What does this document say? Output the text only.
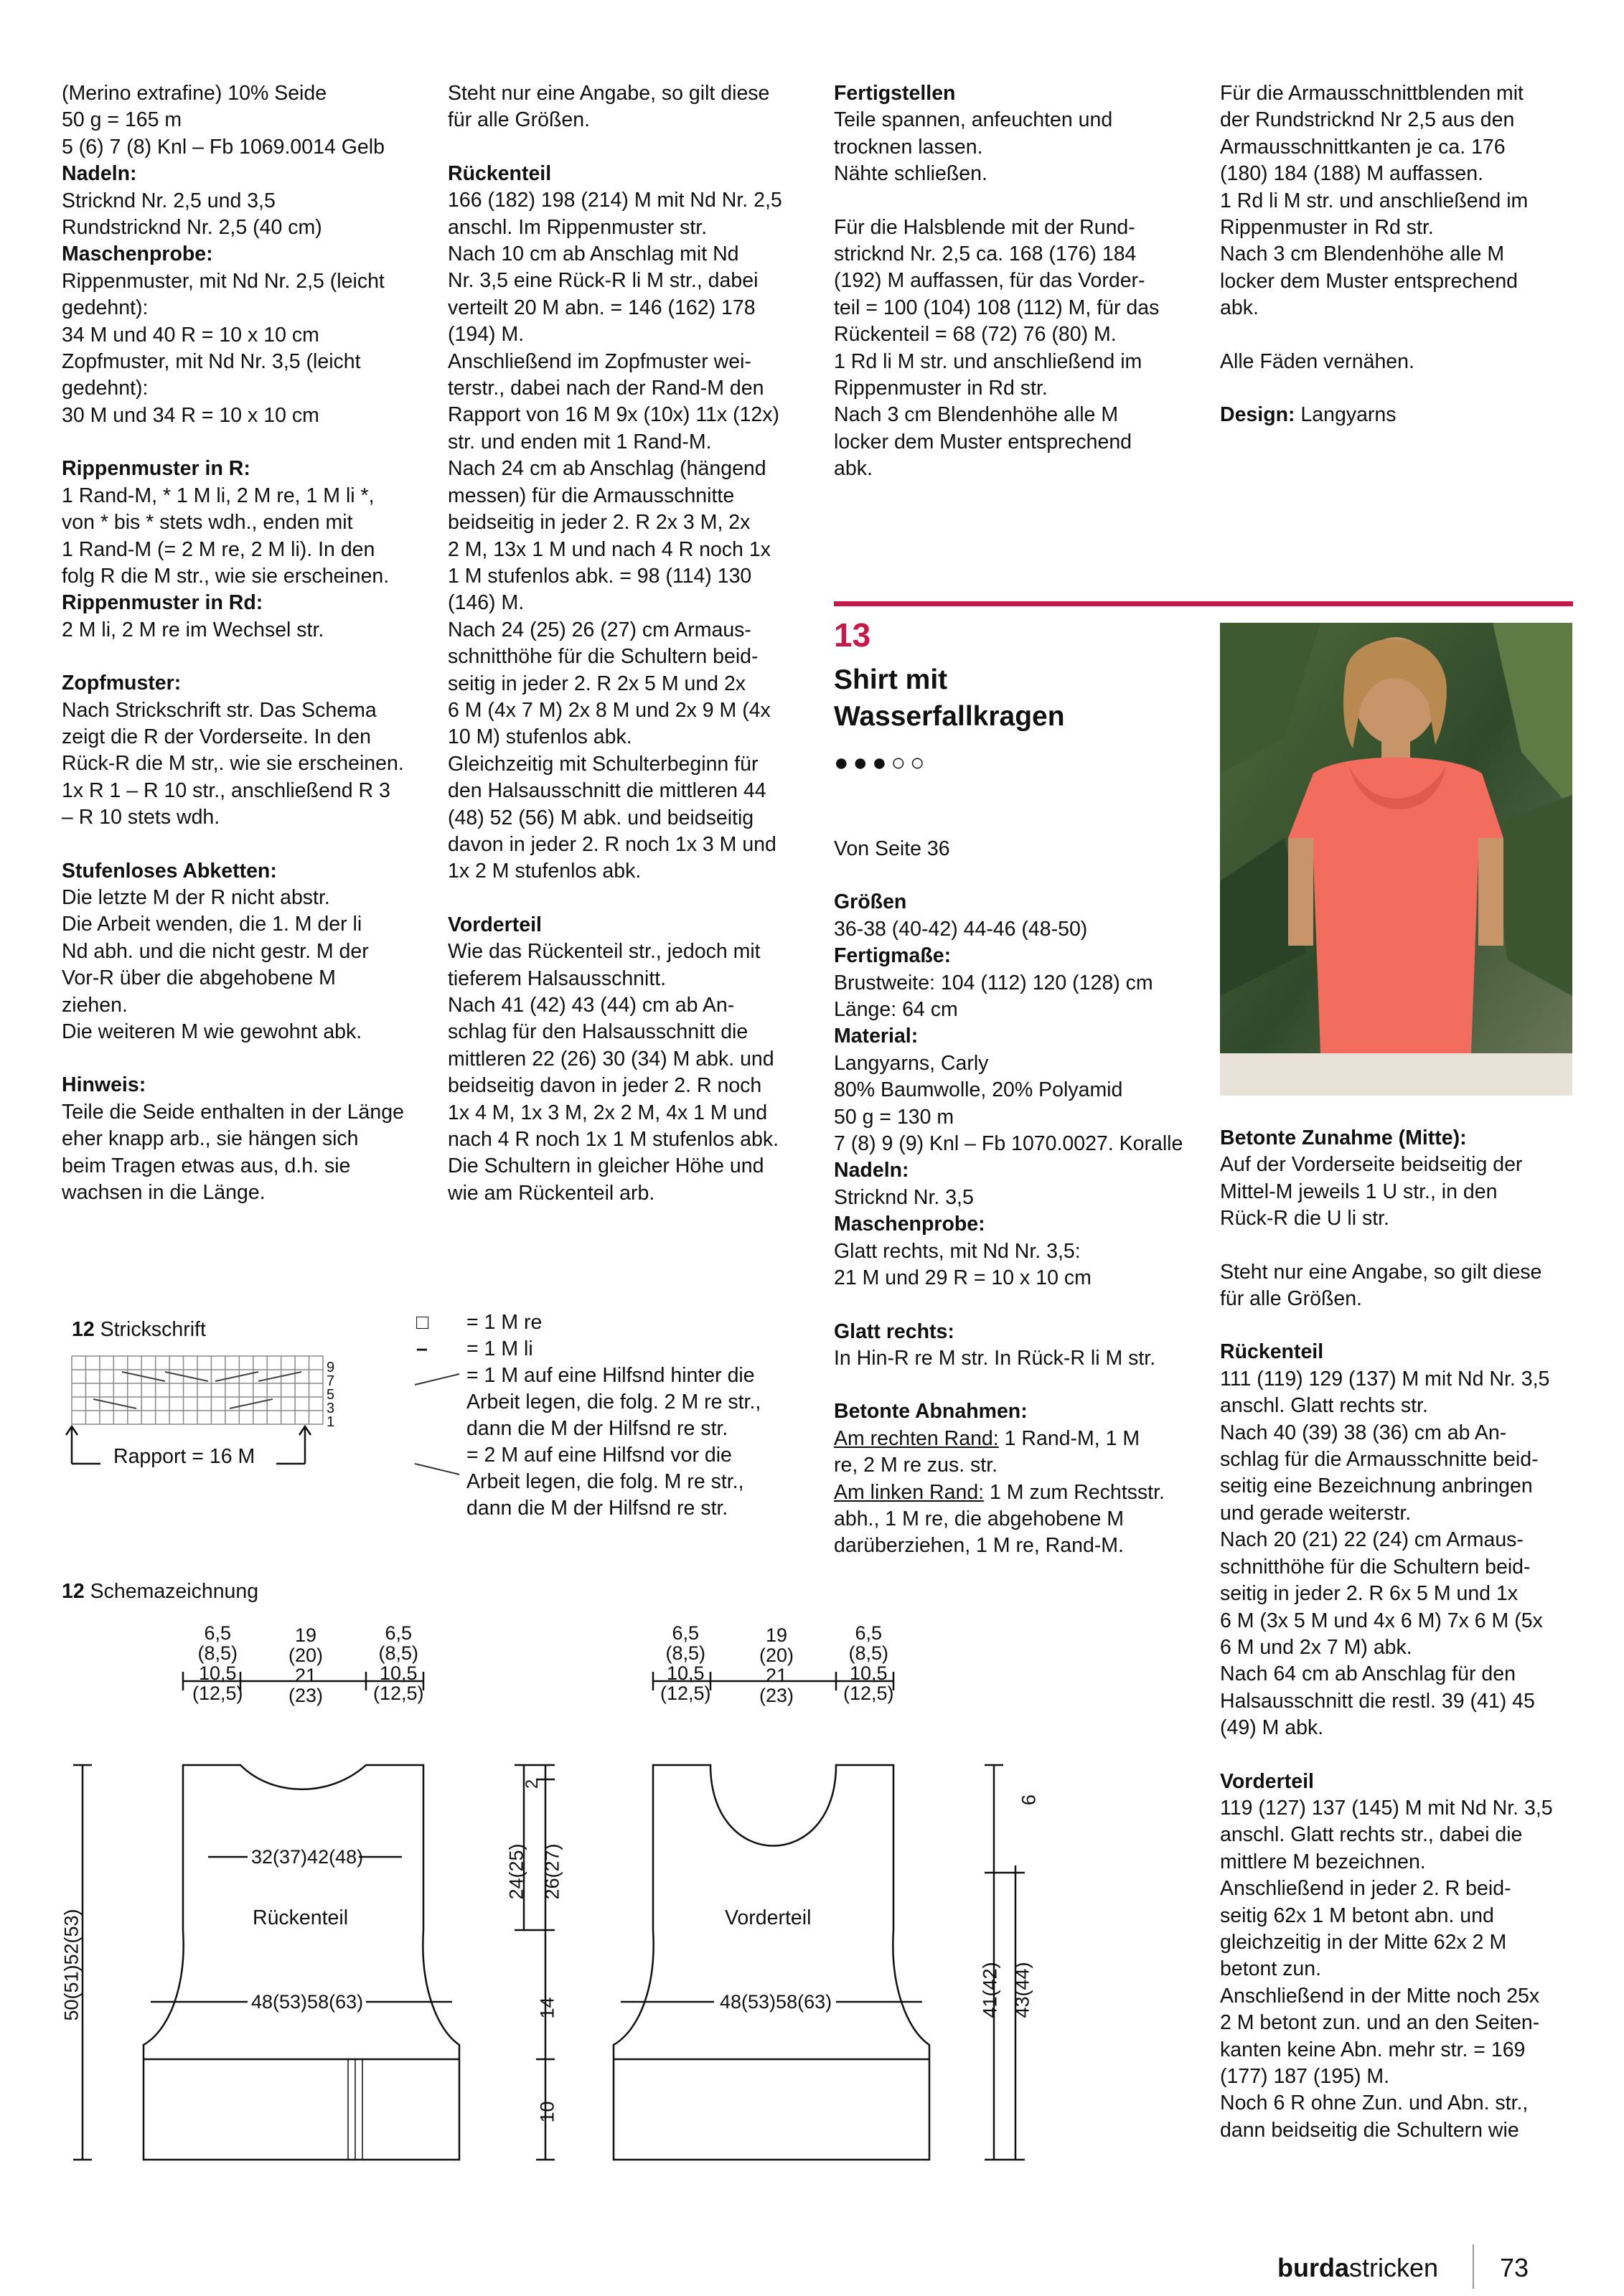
(Merino extrafine) 10% Seide
50 g = 165 m
5 (6) 7 (8) Knl – Fb 1069.0014 Gelb

Nadeln:

Stricknd Nr. 2,5 und 3,5
Rundstricknd Nr. 2,5 (40 cm)

Maschenprobe:

Rippenmuster, mit Nd Nr. 2,5 (leicht
gedehnt):
34 M und 40 R = 10 x 10 cm
Zopfmuster, mit Nd Nr. 3,5 (leicht
gedehnt):
30 M und 34 R = 10 x 10 cm

Rippenmuster in R:

1 Rand-M, * 1 M li, 2 M re, 1 M li *,
von * bis * stets wdh., enden mit
1 Rand-M (= 2 M re, 2 M li). In den
folg R die M str., wie sie erscheinen.

Rippenmuster in Rd:

2 M li, 2 M re im Wechsel str.

Zopfmuster:

Nach Strickschrift str. Das Schema
zeigt die R der Vorderseite. In den
Rück-R die M str,. wie sie erscheinen.
1x R 1 – R 10 str., anschließend R 3
– R 10 stets wdh.

Stufenloses Abketten:

Die letzte M der R nicht abstr.
Die Arbeit wenden, die 1. M der li
Nd abh. und die nicht gestr. M der
Vor-R über die abgehobene M
ziehen.
Die weiteren M wie gewohnt abk.

Hinweis:

Teile die Seide enthalten in der Länge
eher knapp arb., sie hängen sich
beim Tragen etwas aus, d.h. sie
wachsen in die Länge.

Steht nur eine Angabe, so gilt diese
für alle Größen.

Rückenteil

166 (182) 198 (214) M mit Nd Nr. 2,5
anschl. Im Rippenmuster str.
Nach 10 cm ab Anschlag mit Nd
Nr. 3,5 eine Rück-R li M str., dabei
verteilt 20 M abn. = 146 (162) 178
(194) M.
Anschließend im Zopfmuster wei-
terstr., dabei nach der Rand-M den
Rapport von 16 M 9x (10x) 11x (12x)
str. und enden mit 1 Rand-M.
Nach 24 cm ab Anschlag (hängend
messen) für die Armausschnitte
beidseitig in jeder 2. R 2x 3 M, 2x
2 M, 13x 1 M und nach 4 R noch 1x
1 M stufenlos abk. = 98 (114) 130
(146) M.
Nach 24 (25) 26 (27) cm Armaus-
schnitthöhe für die Schultern beid-
seitig in jeder 2. R 2x 5 M und 2x
6 M (4x 7 M) 2x 8 M und 2x 9 M (4x
10 M) stufenlos abk.
Gleichzeitig mit Schulterbeginn für
den Halsausschnitt die mittleren 44
(48) 52 (56) M abk. und beidseitig
davon in jeder 2. R noch 1x 3 M und
1x 2 M stufenlos abk.

Vorderteil

Wie das Rückenteil str., jedoch mit
tieferem Halsausschnitt.
Nach 41 (42) 43 (44) cm ab An-
schlag für den Halsausschnitt die
mittleren 22 (26) 30 (34) M abk. und
beidseitig davon in jeder 2. R noch
1x 4 M, 1x 3 M, 2x 2 M, 4x 1 M und
nach 4 R noch 1x 1 M stufenlos abk.
Die Schultern in gleicher Höhe und
wie am Rückenteil arb.

Fertigstellen

Teile spannen, anfeuchten und
trocknen lassen.
Nähte schließen.

Für die Halsblende mit der Rund-
stricknd Nr. 2,5 ca. 168 (176) 184
(192) M auffassen, für das Vorder-
teil = 100 (104) 108 (112) M, für das
Rückenteil = 68 (72) 76 (80) M.
1 Rd li M str. und anschließend im
Rippenmuster in Rd str.
Nach 3 cm Blendenhöhe alle M
locker dem Muster entsprechend
abk.

Für die Armausschnittblenden mit
der Rundstricknd Nr 2,5 aus den
Armausschnittkanten je ca. 176
(180) 184 (188) M auffassen.
1 Rd li M str. und anschließend im
Rippenmuster in Rd str.
Nach 3 cm Blendenhöhe alle M
locker dem Muster entsprechend
abk.

Alle Fäden vernähen.

Design: Langyarns

13
Shirt mit
Wasserfallkragen
●●●○○

Von Seite 36

Größen

36-38 (40-42) 44-46 (48-50)

Fertigmaße:

Brustweite: 104 (112) 120 (128) cm
Länge: 64 cm

Material:

Langyarns, Carly
80% Baumwolle, 20% Polyamid
50 g = 130 m
7 (8) 9 (9) Knl – Fb 1070.0027. Koralle

Nadeln:

Stricknd Nr. 3,5

Maschenprobe:

Glatt rechts, mit Nd Nr. 3,5:
21 M und 29 R = 10 x 10 cm

Glatt rechts:

In Hin-R re M str. In Rück-R li M str.

Betonte Abnahmen:

Am rechten Rand: 1 Rand-M, 1 M
re, 2 M re zus. str.

Am linken Rand: 1 M zum Rechtsstr.
abh., 1 M re, die abgehobene M
darüberziehen, 1 M re, Rand-M.

Betonte Zunahme (Mitte):

Auf der Vorderseite beidseitig der
Mittel-M jeweils 1 U str., in den
Rück-R die U li str.

Steht nur eine Angabe, so gilt diese
für alle Größen.

Rückenteil

111 (119) 129 (137) M mit Nd Nr. 3,5
anschl. Glatt rechts str.
Nach 40 (39) 38 (36) cm ab An-
schlag für die Armausschnitte beid-
seitig eine Bezeichnung anbringen
und gerade weiterstr.
Nach 20 (21) 22 (24) cm Armaus-
schnitthöhe für die Schultern beid-
seitig in jeder 2. R 6x 5 M und 1x
6 M (3x 5 M und 4x 6 M) 7x 6 M (5x
6 M und 2x 7 M) abk.
Nach 64 cm ab Anschlag für den
Halsausschnitt die restl. 39 (41) 45
(49) M abk.

Vorderteil

119 (127) 137 (145) M mit Nd Nr. 3,5
anschl. Glatt rechts str., dabei die
mittlere M bezeichnen.
Anschließend in jeder 2. R beid-
seitig 62x 1 M betont abn. und
gleichzeitig in der Mitte 62x 2 M
betont zun.
Anschließend in der Mitte noch 25x
2 M betont zun. und an den Seiten-
kanten keine Abn. mehr str. = 169
(177) 187 (195) M.
Noch 6 R ohne Zun. und Abn. str.,
dann beidseitig die Schultern wie

12 Strickschrift

9
7
5
3
1

Rapport = 16 M
□ = 1 M re
– = 1 M li
= 1 M auf eine Hilfsnd hinter die
Arbeit legen, die folg. 2 M re str.,
dann die M der Hilfsnd re str.
= 2 M auf eine Hilfsnd vor die
Arbeit legen, die folg. M re str.,
dann die M der Hilfsnd re str.
12 Schemazeichnung
6,5
(8,5)
10,5
(12,5)
19
(20)
21
(23)
6,5
(8,5)
10,5
(12,5)
6,5
(8,5)
10,5
(12,5)
19
(20)
21
(23)
6,5
(8,5)
10,5
(12,5)
32(37)42(48)
Rückenteil	Vorderteil
48(53)58(63)	48(53)58(63)
50(51)52(53)
2
24(25) 26(27)
14
10
9
41(42) 43(44)
burdastricken 73
